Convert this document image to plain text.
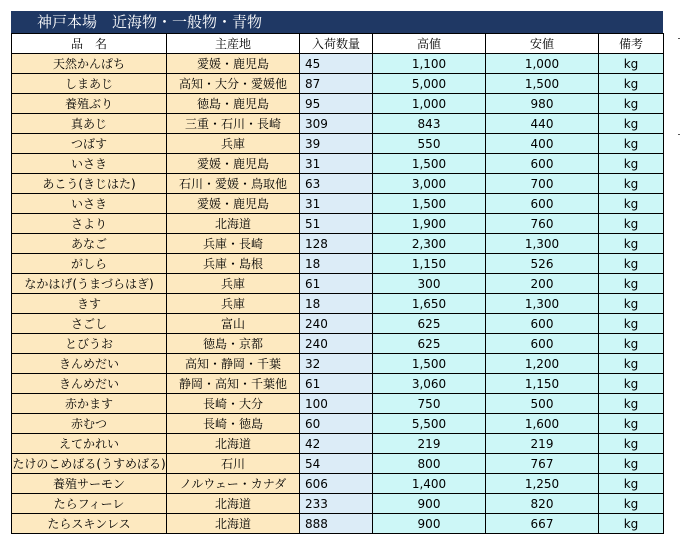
神戸本場　近海物・一般物・青物
品　名	主産地	入荷数量	高値	安値	備考
天然かんぱち	愛媛・鹿児島	45	1,100	1,000	kg
しまあじ	高知・大分・愛媛他	87	5,000	1,500	kg
養殖ぶり	徳島・鹿児島	95	1,000	980	kg
真あじ	三重・石川・長崎	309	843	440	kg
つばす	兵庫	39	550	400	kg
いさき	愛媛・鹿児島	31	1,500	600	kg
あこう(きじはた)	石川・愛媛・鳥取他	63	3,000	700	kg
いさき	愛媛・鹿児島	31	1,500	600	kg
さより	北海道	51	1,900	760	kg
あなご	兵庫・長崎	128	2,300	1,300	kg
がしら	兵庫・島根	18	1,150	526	kg
なかはげ(うまづらはぎ)	兵庫	61	300	200	kg
きす	兵庫	18	1,650	1,300	kg
さごし	富山	240	625	600	kg
とびうお	徳島・京都	240	625	600	kg
きんめだい	高知・静岡・千葉	32	1,500	1,200	kg
きんめだい	静岡・高知・千葉他	61	3,060	1,150	kg
赤かます	長崎・大分	100	750	500	kg
赤むつ	長崎・徳島	60	5,500	1,600	kg
えてかれい	北海道	42	219	219	kg
たけのこめばる(うすめばる)	石川	54	800	767	kg
養殖サーモン	ノルウェー・カナダ	606	1,400	1,250	kg
たらフィーレ	北海道	233	900	820	kg
たらスキンレス	北海道	888	900	667	kg
